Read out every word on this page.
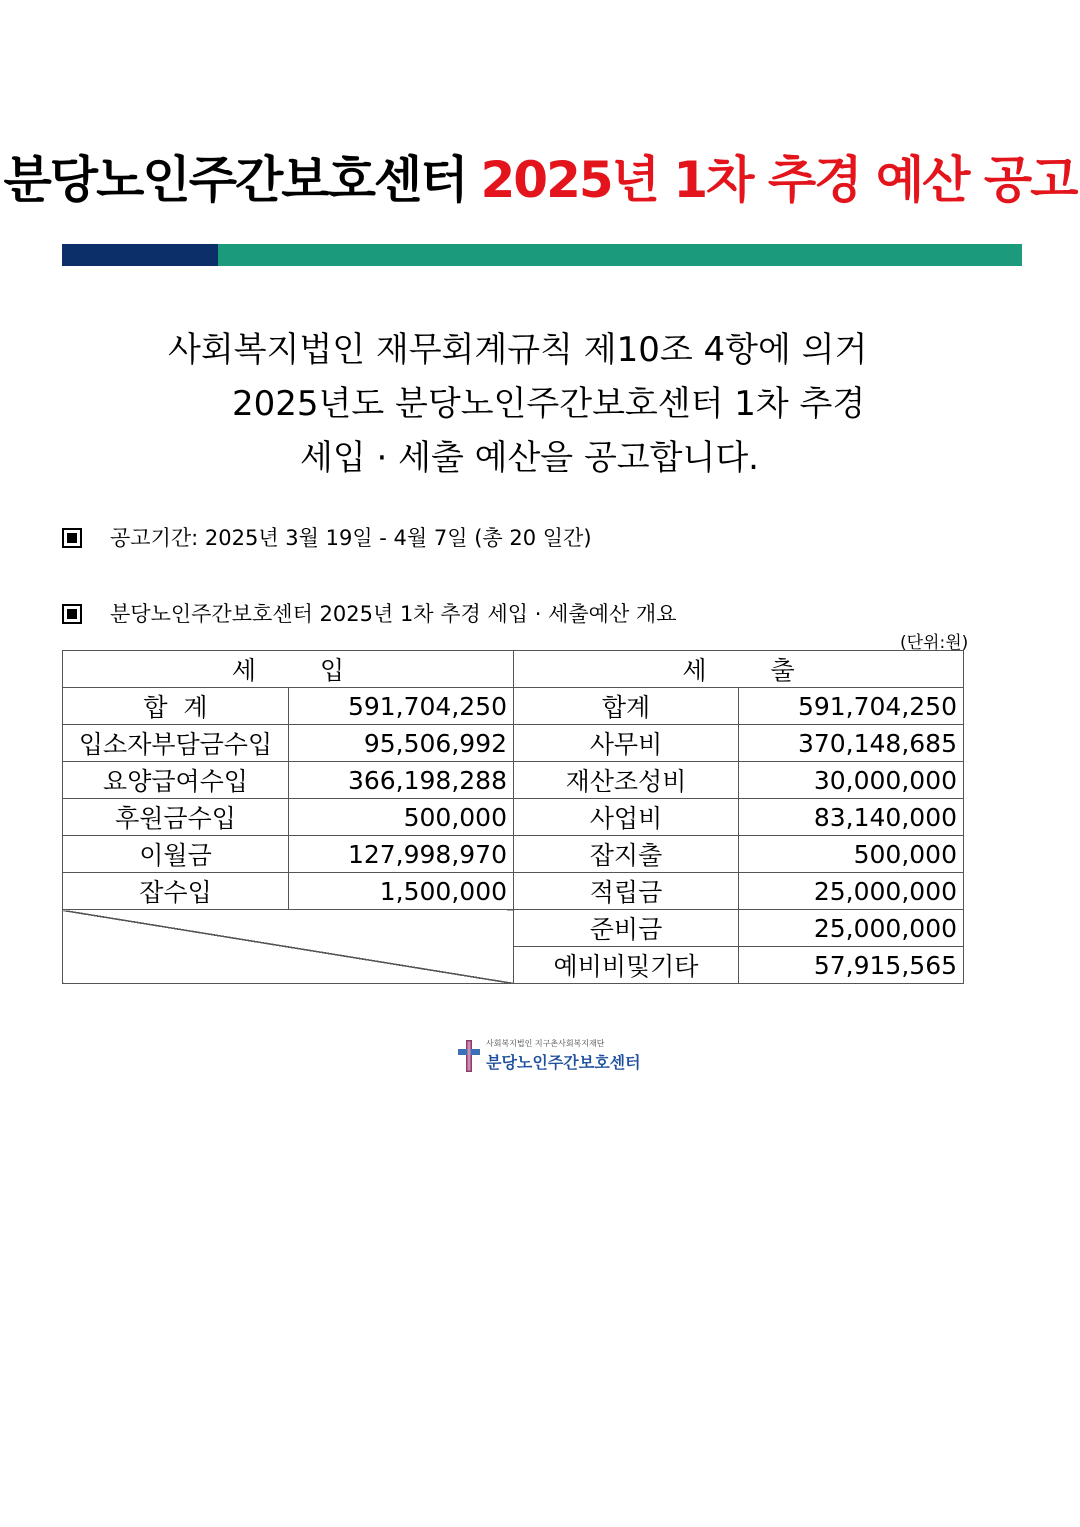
분당노인주간보호센터 2025년 1차 추경 예산 공고
사회복지법인 재무회계규칙 제10조 4항에 의거
2025년도 분당노인주간보호센터 1차 추경
세입 · 세출 예산을 공고합니다.
공고기간: 2025년 3월 19일 - 4월 7일 (총 20 일간)
분당노인주간보호센터 2025년 1차 추경 세입 · 세출예산 개요
(단위:원)
세 입		세 출	
합  계	591,704,250	합계	591,704,250
입소자부담금수입	95,506,992	사무비	370,148,685
요양급여수입	366,198,288	재산조성비	30,000,000
후원금수입	500,000	사업비	83,140,000
이월금	127,998,970	잡지출	500,000
잡수입	1,500,000	적립금	25,000,000
		준비금	25,000,000
		예비비및기타	57,915,565
사회복지법인 지구촌사회복지재단
분당노인주간보호센터
